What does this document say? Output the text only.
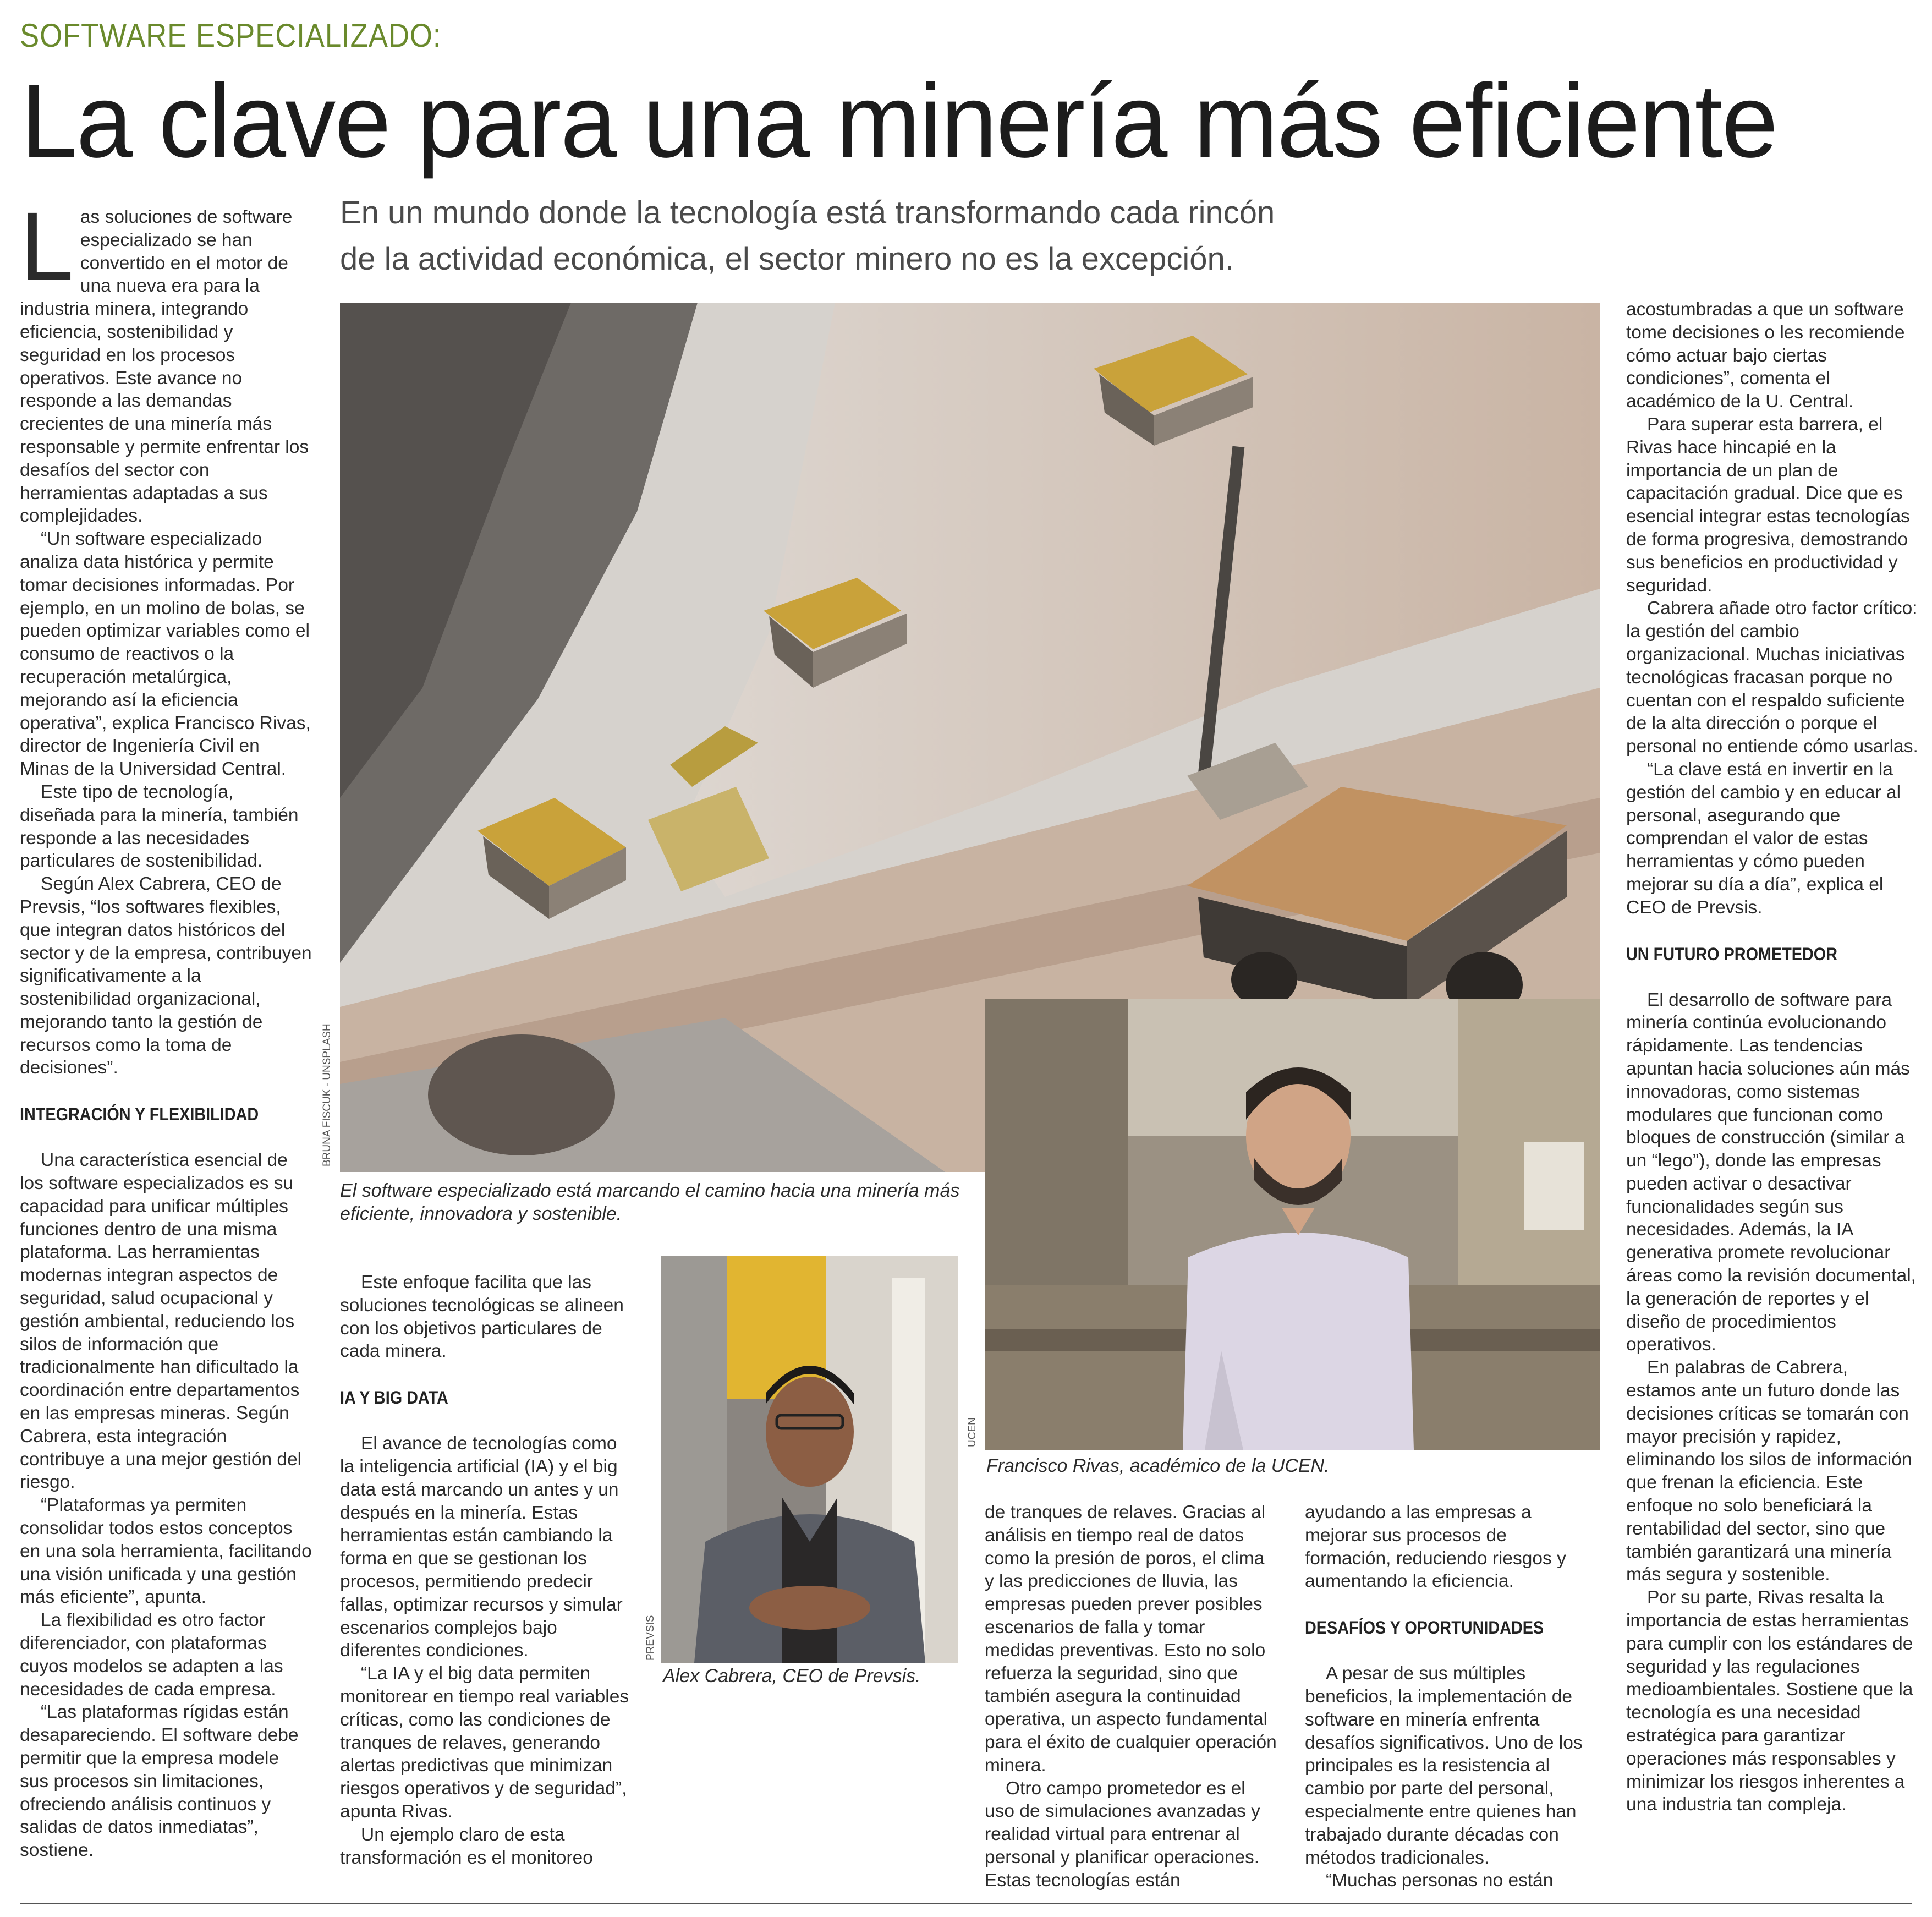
SOFTWARE ESPECIALIZADO:
La clave para una minería más eficiente
En un mundo donde la tecnología está transformando cada rincón
de la actividad económica, el sector minero no es la excepción.

Las soluciones de software especializado se han convertido en el motor de una nueva era para la industria minera, integrando eficiencia, sostenibilidad y seguridad en los procesos operativos. Este avance no responde a las demandas crecientes de una minería más responsable y permite enfrentar los desafíos del sector con herramientas adaptadas a sus complejidades.

“Un software especializado analiza data histórica y permite tomar decisiones informadas. Por ejemplo, en un molino de bolas, se pueden optimizar variables como el consumo de reactivos o la recuperación metalúrgica, mejorando así la eficiencia operativa”, explica Francisco Rivas, director de Ingeniería Civil en Minas de la Universidad Central.

Este tipo de tecnología, diseñada para la minería, también responde a las necesidades particulares de sostenibilidad.

Según Alex Cabrera, CEO de Prevsis, “los softwares flexibles, que integran datos históricos del sector y de la empresa, contribuyen significativamente a la sostenibilidad organizacional, mejorando tanto la gestión de recursos como la toma de decisiones”.

INTEGRACIÓN Y FLEXIBILIDAD

Una característica esencial de los software especializados es su capacidad para unificar múltiples funciones dentro de una misma plataforma. Las herramientas modernas integran aspectos de seguridad, salud ocupacional y gestión ambiental, reduciendo los silos de información que tradicionalmente han dificultado la coordinación entre departamentos en las empresas mineras. Según Cabrera, esta integración contribuye a una mejor gestión del riesgo.

“Plataformas ya permiten consolidar todos estos conceptos en una sola herramienta, facilitando una visión unificada y una gestión más eficiente”, apunta.

La flexibilidad es otro factor diferenciador, con plataformas cuyos modelos se adapten a las necesidades de cada empresa.

“Las plataformas rígidas están desapareciendo. El software debe permitir que la empresa modele sus procesos sin limitaciones, ofreciendo análisis continuos y salidas de datos inmediatas”, sostiene.

BRUNA FISCUK - UNSPLASH
El software especializado está marcando el camino hacia una minería más eficiente, innovadora y sostenible.

Este enfoque facilita que las soluciones tecnológicas se alineen con los objetivos particulares de cada minera.

IA Y BIG DATA

El avance de tecnologías como la inteligencia artificial (IA) y el big data está marcando un antes y un después en la minería. Estas herramientas están cambiando la forma en que se gestionan los procesos, permitiendo predecir fallas, optimizar recursos y simular escenarios complejos bajo diferentes condiciones.

“La IA y el big data permiten monitorear en tiempo real variables críticas, como las condiciones de tranques de relaves, generando alertas predictivas que minimizan riesgos operativos y de seguridad”, apunta Rivas.

Un ejemplo claro de esta transformación es el monitoreo

PREVSIS
Alex Cabrera, CEO de Prevsis.
UCEN
Francisco Rivas, académico de la UCEN.

de tranques de relaves. Gracias al análisis en tiempo real de datos como la presión de poros, el clima y las predicciones de lluvia, las empresas pueden prever posibles escenarios de falla y tomar medidas preventivas. Esto no solo refuerza la seguridad, sino que también asegura la continuidad operativa, un aspecto fundamental para el éxito de cualquier operación minera.

Otro campo prometedor es el uso de simulaciones avanzadas y realidad virtual para entrenar al personal y planificar operaciones. Estas tecnologías están

ayudando a las empresas a mejorar sus procesos de formación, reduciendo riesgos y aumentando la eficiencia.

DESAFÍOS Y OPORTUNIDADES

A pesar de sus múltiples beneficios, la implementación de software en minería enfrenta desafíos significativos. Uno de los principales es la resistencia al cambio por parte del personal, especialmente entre quienes han trabajado durante décadas con métodos tradicionales.

“Muchas personas no están

acostumbradas a que un software tome decisiones o les recomiende cómo actuar bajo ciertas condiciones”, comenta el académico de la U. Central.

Para superar esta barrera, el Rivas hace hincapié en la importancia de un plan de capacitación gradual. Dice que es esencial integrar estas tecnologías de forma progresiva, demostrando sus beneficios en productividad y seguridad.

Cabrera añade otro factor crítico: la gestión del cambio organizacional. Muchas iniciativas tecnológicas fracasan porque no cuentan con el respaldo suficiente de la alta dirección o porque el personal no entiende cómo usarlas.

“La clave está en invertir en la gestión del cambio y en educar al personal, asegurando que comprendan el valor de estas herramientas y cómo pueden mejorar su día a día”, explica el CEO de Prevsis.

UN FUTURO PROMETEDOR

El desarrollo de software para minería continúa evolucionando rápidamente. Las tendencias apuntan hacia soluciones aún más innovadoras, como sistemas modulares que funcionan como bloques de construcción (similar a un “lego”), donde las empresas pueden activar o desactivar funcionalidades según sus necesidades. Además, la IA generativa promete revolucionar áreas como la revisión documental, la generación de reportes y el diseño de procedimientos operativos.

En palabras de Cabrera, estamos ante un futuro donde las decisiones críticas se tomarán con mayor precisión y rapidez, eliminando los silos de información que frenan la eficiencia. Este enfoque no solo beneficiará la rentabilidad del sector, sino que también garantizará una minería más segura y sostenible.

Por su parte, Rivas resalta la importancia de estas herramientas para cumplir con los estándares de seguridad y las regulaciones medioambientales. Sostiene que la tecnología es una necesidad estratégica para garantizar operaciones más responsables y minimizar los riesgos inherentes a una industria tan compleja.
